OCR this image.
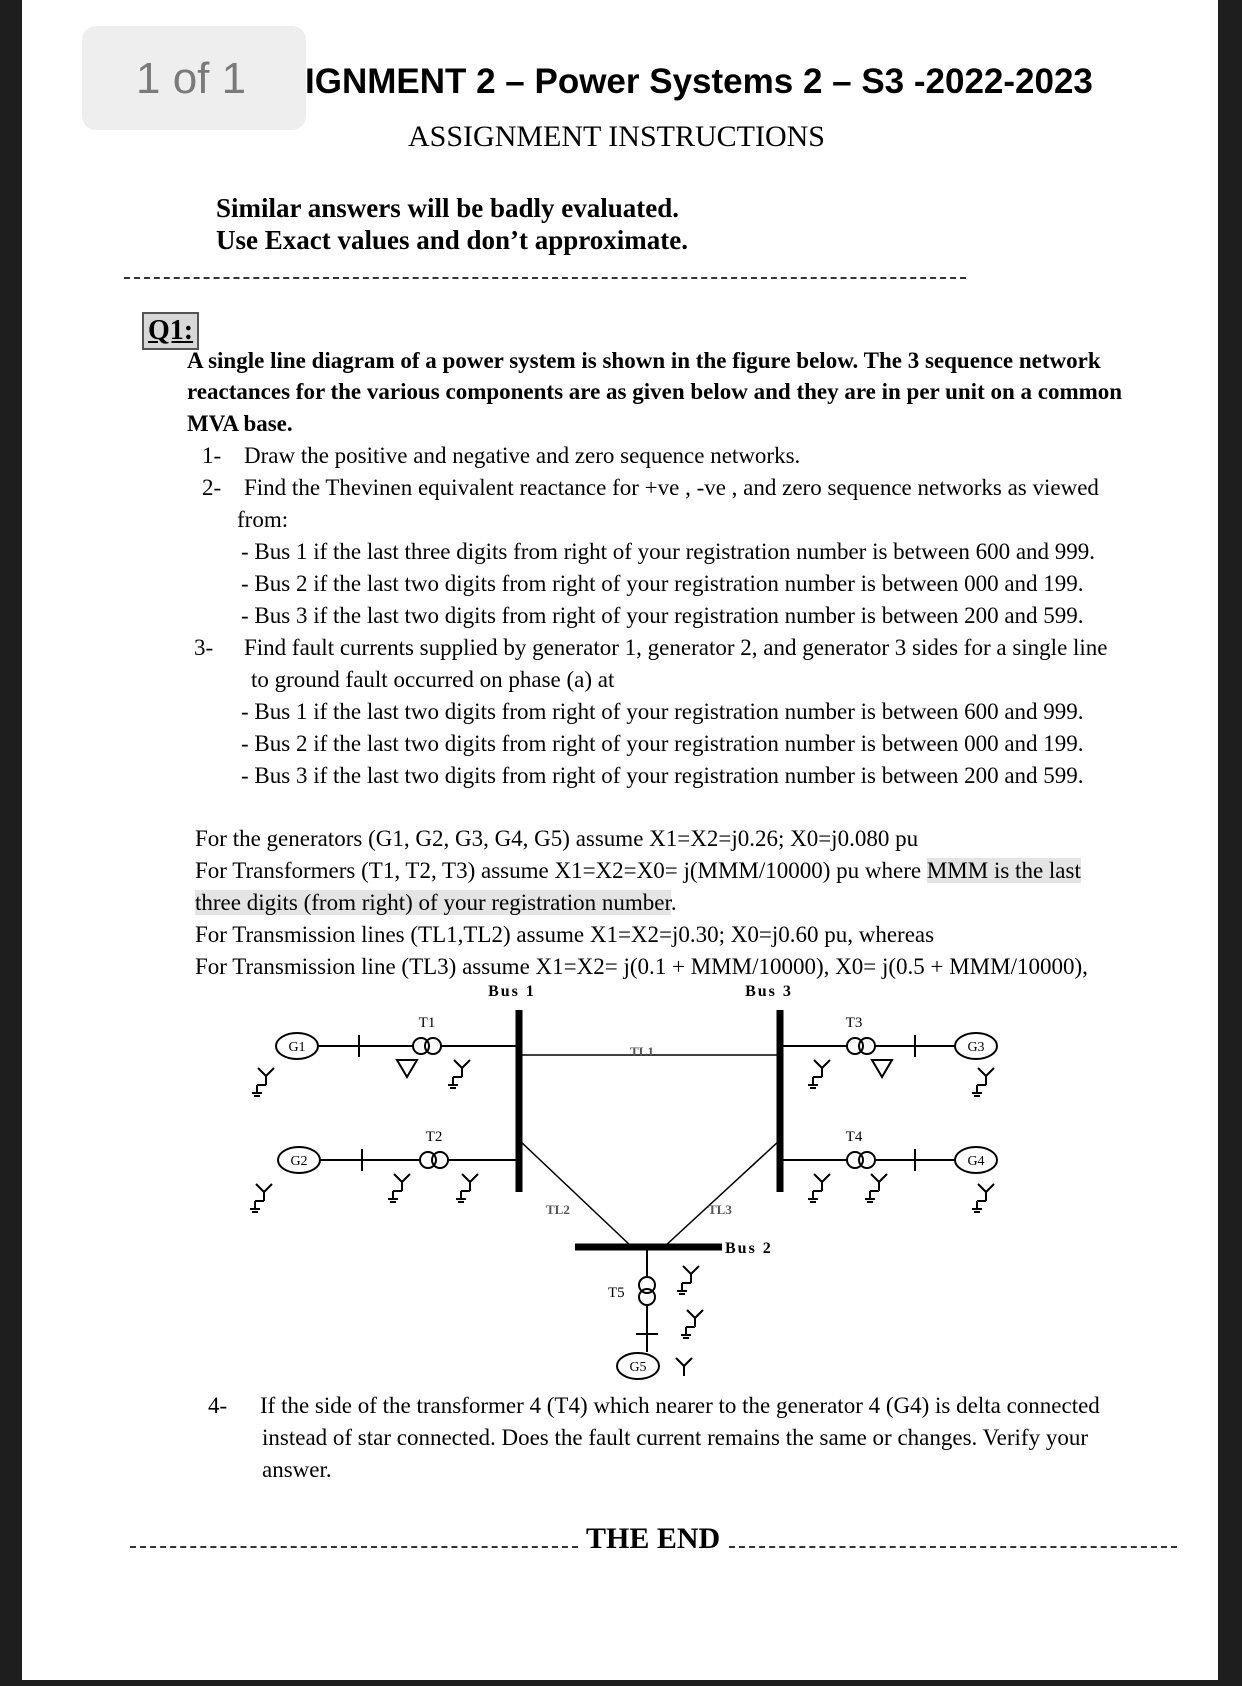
1 of 1 IGNMENT 2 – Power Systems 2 – S3 -2022-2023
ASSIGNMENT INSTRUCTIONS
Similar answers will be badly evaluated.
Use Exact values and don’t approximate.
Q1:
A single line diagram of a power system is shown in the figure below. The 3 sequence network
reactances for the various components are as given below and they are in per unit on a common
MVA base.
1- Draw the positive and negative and zero sequence networks.
2- Find the Thevinen equivalent reactance for +ve , -ve , and zero sequence networks as viewed
from:
- Bus 1 if the last three digits from right of your registration number is between 600 and 999.
- Bus 2 if the last two digits from right of your registration number is between 000 and 199.
- Bus 3 if the last two digits from right of your registration number is between 200 and 599.
3- Find fault currents supplied by generator 1, generator 2, and generator 3 sides for a single line
to ground fault occurred on phase (a) at
- Bus 1 if the last two digits from right of your registration number is between 600 and 999.
- Bus 2 if the last two digits from right of your registration number is between 000 and 199.
- Bus 3 if the last two digits from right of your registration number is between 200 and 599.
For the generators (G1, G2, G3, G4, G5) assume X1=X2=j0.26; X0=j0.080 pu
For Transformers (T1, T2, T3) assume X1=X2=X0= j(MMM/10000) pu where MMM is the last
three digits (from right) of your registration number.
For Transmission lines (TL1,TL2) assume X1=X2=j0.30; X0=j0.60 pu, whereas
For Transmission line (TL3) assume X1=X2= j(0.1 + MMM/10000), X0= j(0.5 + MMM/10000),
Bus 1	Bus 3
Bus 2
TL1
TL2	TL3
G1
T1
G2
T2
T3
G3
T4
G4
T5
G5
4- If the side of the transformer 4 (T4) which nearer to the generator 4 (G4) is delta connected
instead of star connected. Does the fault current remains the same or changes. Verify your
answer.
THE END
